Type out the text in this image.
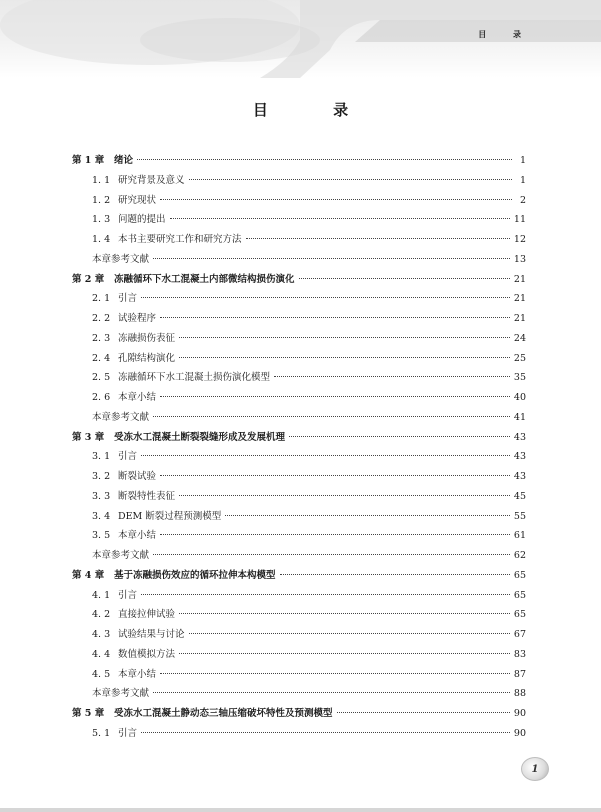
目 录
目 录
第 1 章	绪论	1
1. 1 研究背景及意义	1
1. 2 研究现状	2
1. 3 问题的提出	11
1. 4 本书主要研究工作和研究方法	12
本章参考文献	13
第 2 章	冻融循环下水工混凝土内部微结构损伤演化	21
2. 1 引言	21
2. 2 试验程序	21
2. 3 冻融损伤表征	24
2. 4 孔隙结构演化	25
2. 5 冻融循环下水工混凝土损伤演化模型	35
2. 6 本章小结	40
本章参考文献	41
第 3 章	受冻水工混凝土断裂裂缝形成及发展机理	43
3. 1 引言	43
3. 2 断裂试验	43
3. 3 断裂特性表征	45
3. 4 DEM 断裂过程预测模型	55
3. 5 本章小结	61
本章参考文献	62
第 4 章	基于冻融损伤效应的循环拉伸本构模型	65
4. 1 引言	65
4. 2 直接拉伸试验	65
4. 3 试验结果与讨论	67
4. 4 数值模拟方法	83
4. 5 本章小结	87
本章参考文献	88
第 5 章	受冻水工混凝土静动态三轴压缩破坏特性及预测模型	90
5. 1 引言	90
1
